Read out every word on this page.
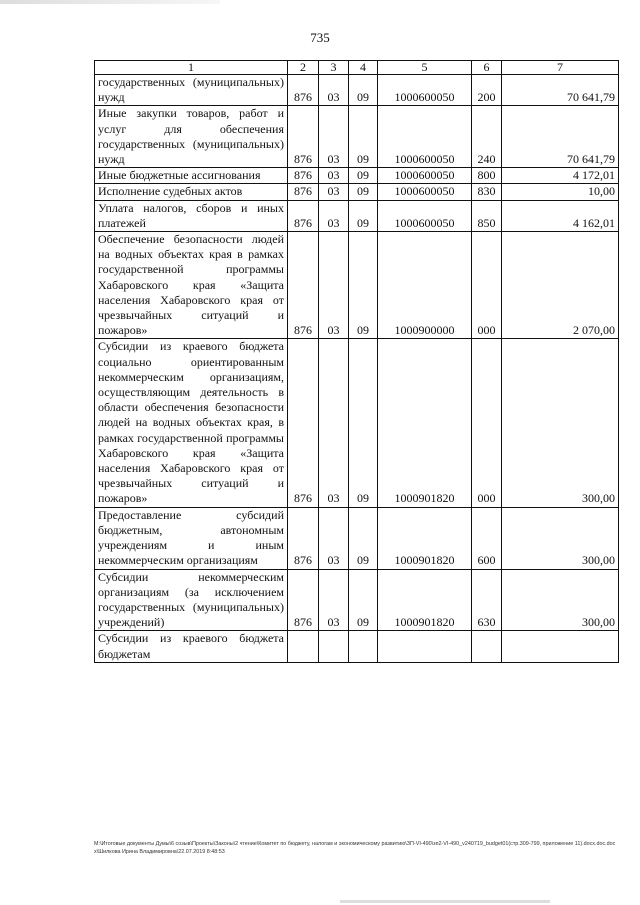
735
1	2	3	4	5	6	7
государственных (муниципальных) нужд	876	03	09	1000600050	200	70 641,79
Иные закупки товаров, работ и услуг для обеспечения государственных (муниципальных) нужд	876	03	09	1000600050	240	70 641,79
Иные бюджетные ассигнования	876	03	09	1000600050	800	4 172,01
Исполнение судебных актов	876	03	09	1000600050	830	10,00
Уплата налогов, сборов и иных платежей	876	03	09	1000600050	850	4 162,01
Обеспечение безопасности людей на водных объектах края в рамках государственной программы Хабаровского края «Защита населения Хабаровского края от чрезвычайных ситуаций и пожаров»	876	03	09	1000900000	000	2 070,00
Субсидии из краевого бюджета социально ориентированным некоммерческим организациям, осуществляющим деятельность в области обеспечения безопасности людей на водных объектах края, в рамках государственной программы Хабаровского края «Защита населения Хабаровского края от чрезвычайных ситуаций и пожаров»	876	03	09	1000901820	000	300,00
Предоставление субсидий бюджетным, автономным учреждениям и иным некоммерческим организациям	876	03	09	1000901820	600	300,00
Субсидии некоммерческим организациям (за исключением государственных (муниципальных) учреждений)	876	03	09	1000901820	630	300,00
Субсидии из краевого бюджета бюджетам						
M:\Итоговые документы Думы\6 созыв\Проекты\Законы\2 чтение\Комитет по бюджету, налогам и экономическому развитию\ЗП-VI-490\зп2-VI-490_v240719_budget01(стр.309-799, приложение 11).docx.doc.docx\Шилкова Ирина Владимировна\22.07.2019 8:48:53
